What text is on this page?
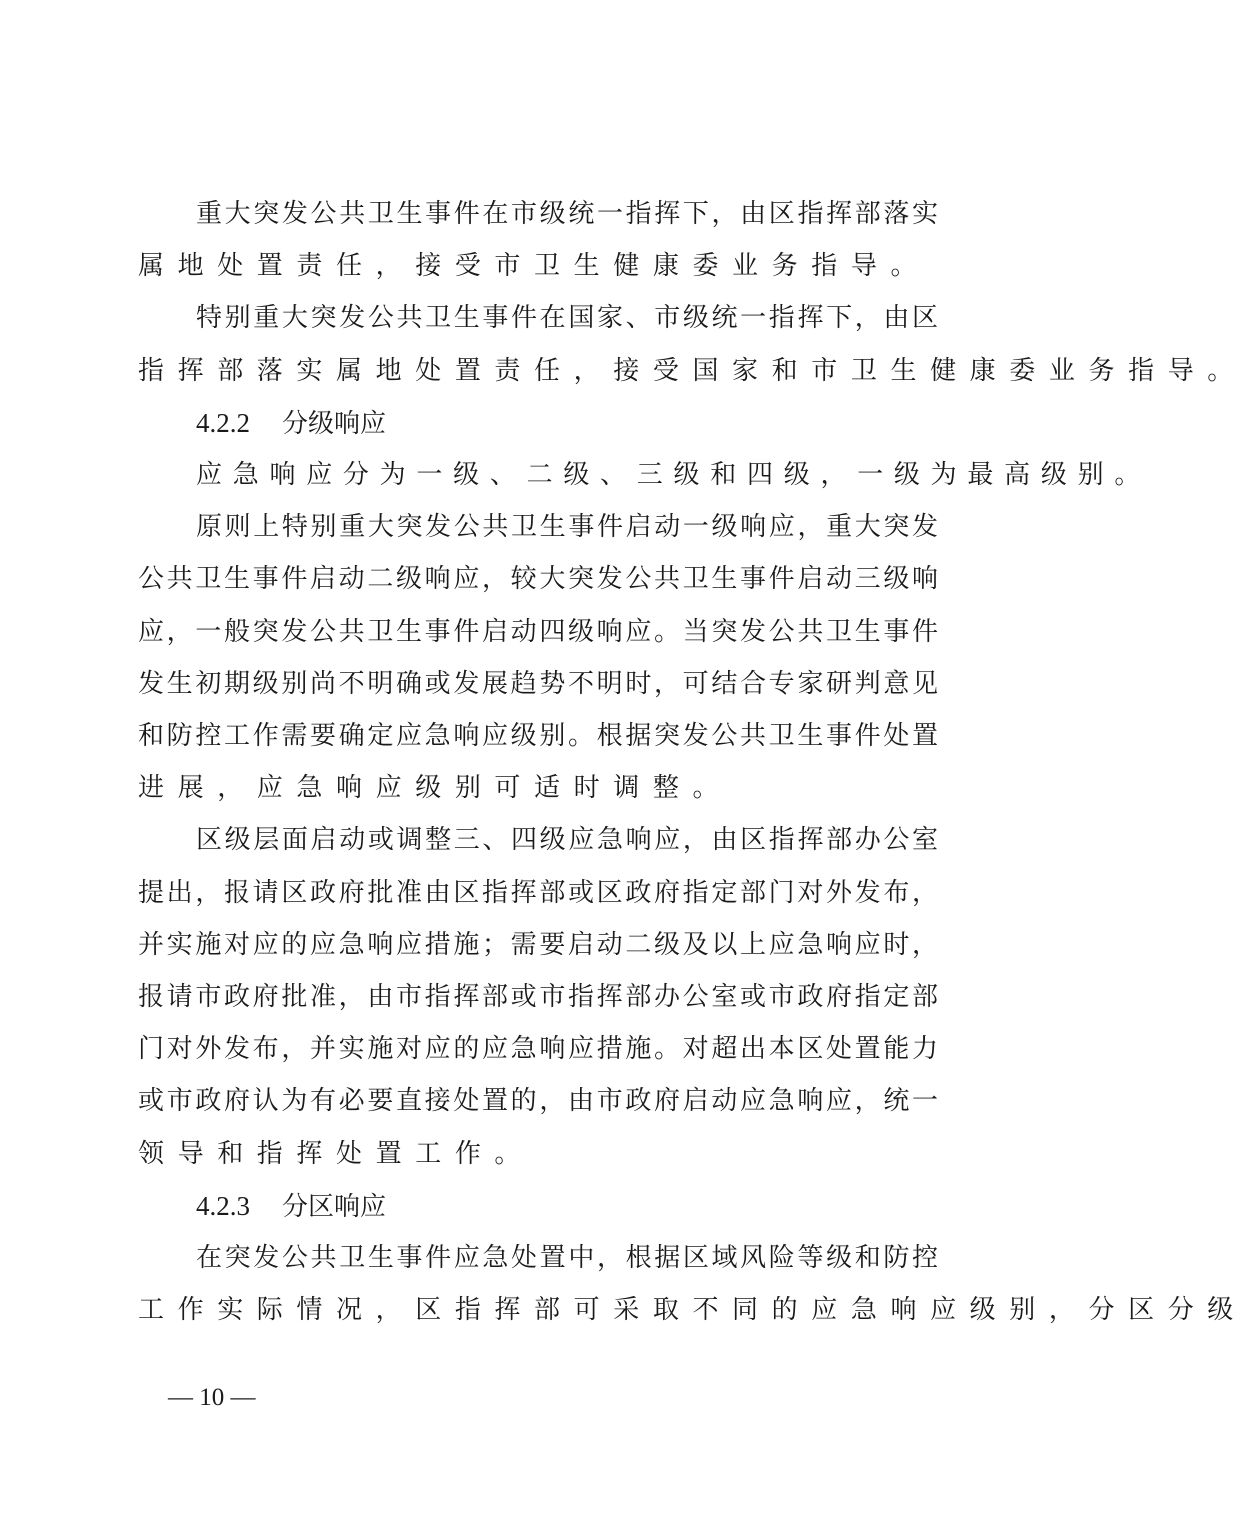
重大突发公共卫生事件在市级统一指挥下，由区指挥部落实
属地处置责任，接受市卫生健康委业务指导。
特别重大突发公共卫生事件在国家、市级统一指挥下，由区
指挥部落实属地处置责任，接受国家和市卫生健康委业务指导。
4.2.2 分级响应
应急响应分为一级、二级、三级和四级，一级为最高级别。
原则上特别重大突发公共卫生事件启动一级响应，重大突发
公共卫生事件启动二级响应，较大突发公共卫生事件启动三级响
应，一般突发公共卫生事件启动四级响应。当突发公共卫生事件
发生初期级别尚不明确或发展趋势不明时，可结合专家研判意见
和防控工作需要确定应急响应级别。根据突发公共卫生事件处置
进展，应急响应级别可适时调整。
区级层面启动或调整三、四级应急响应，由区指挥部办公室
提出，报请区政府批准由区指挥部或区政府指定部门对外发布，
并实施对应的应急响应措施；需要启动二级及以上应急响应时，
报请市政府批准，由市指挥部或市指挥部办公室或市政府指定部
门对外发布，并实施对应的应急响应措施。对超出本区处置能力
或市政府认为有必要直接处置的，由市政府启动应急响应，统一
领导和指挥处置工作。
4.2.3 分区响应
在突发公共卫生事件应急处置中，根据区域风险等级和防控
工作实际情况，区指挥部可采取不同的应急响应级别，分区分级
— 10 —
